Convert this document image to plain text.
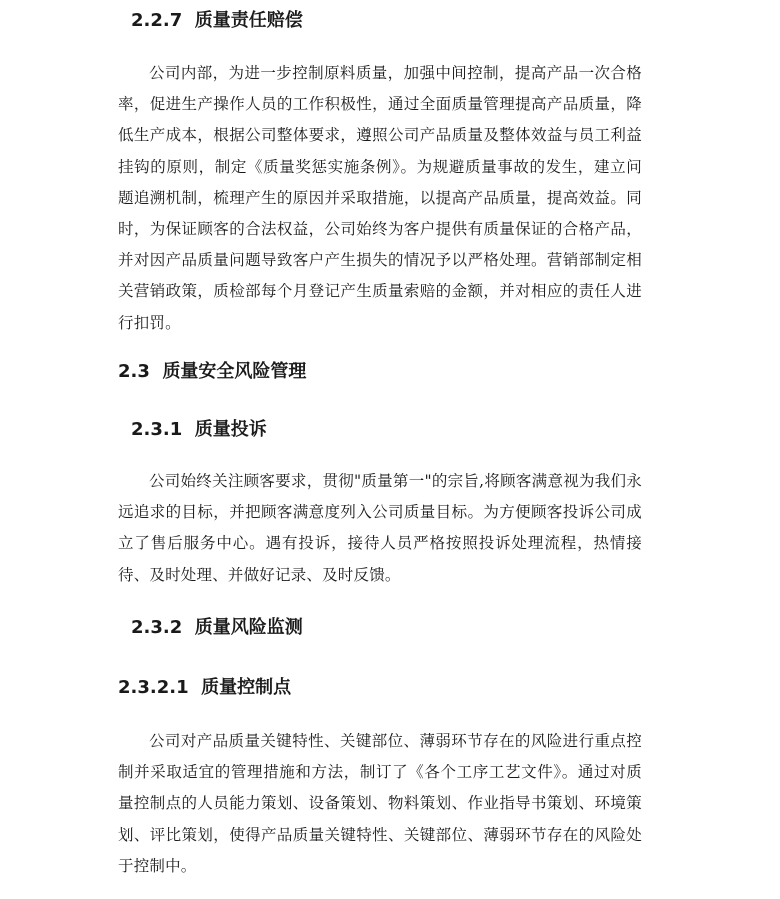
2.2.7 质量责任赔偿

公司内部，为进一步控制原料质量，加强中间控制，提高产品一次合格率，促进生产操作人员的工作积极性，通过全面质量管理提高产品质量，降低生产成本，根据公司整体要求，遵照公司产品质量及整体效益与员工利益挂钩的原则，制定《质量奖惩实施条例》。为规避质量事故的发生，建立问题追溯机制，梳理产生的原因并采取措施，以提高产品质量，提高效益。同时，为保证顾客的合法权益，公司始终为客户提供有质量保证的合格产品，并对因产品质量问题导致客户产生损失的情况予以严格处理。营销部制定相关营销政策，质检部每个月登记产生质量索赔的金额，并对相应的责任人进行扣罚。

2.3 质量安全风险管理
2.3.1 质量投诉

公司始终关注顾客要求，贯彻"质量第一"的宗旨,将顾客满意视为我们永远追求的目标，并把顾客满意度列入公司质量目标。为方便顾客投诉公司成立了售后服务中心。遇有投诉，接待人员严格按照投诉处理流程，热情接待、及时处理、并做好记录、及时反馈。

2.3.2 质量风险监测
2.3.2.1 质量控制点

公司对产品质量关键特性、关键部位、薄弱环节存在的风险进行重点控制并采取适宜的管理措施和方法，制订了《各个工序工艺文件》。通过对质量控制点的人员能力策划、设备策划、物料策划、作业指导书策划、环境策划、评比策划，使得产品质量关键特性、关键部位、薄弱环节存在的风险处于控制中。
